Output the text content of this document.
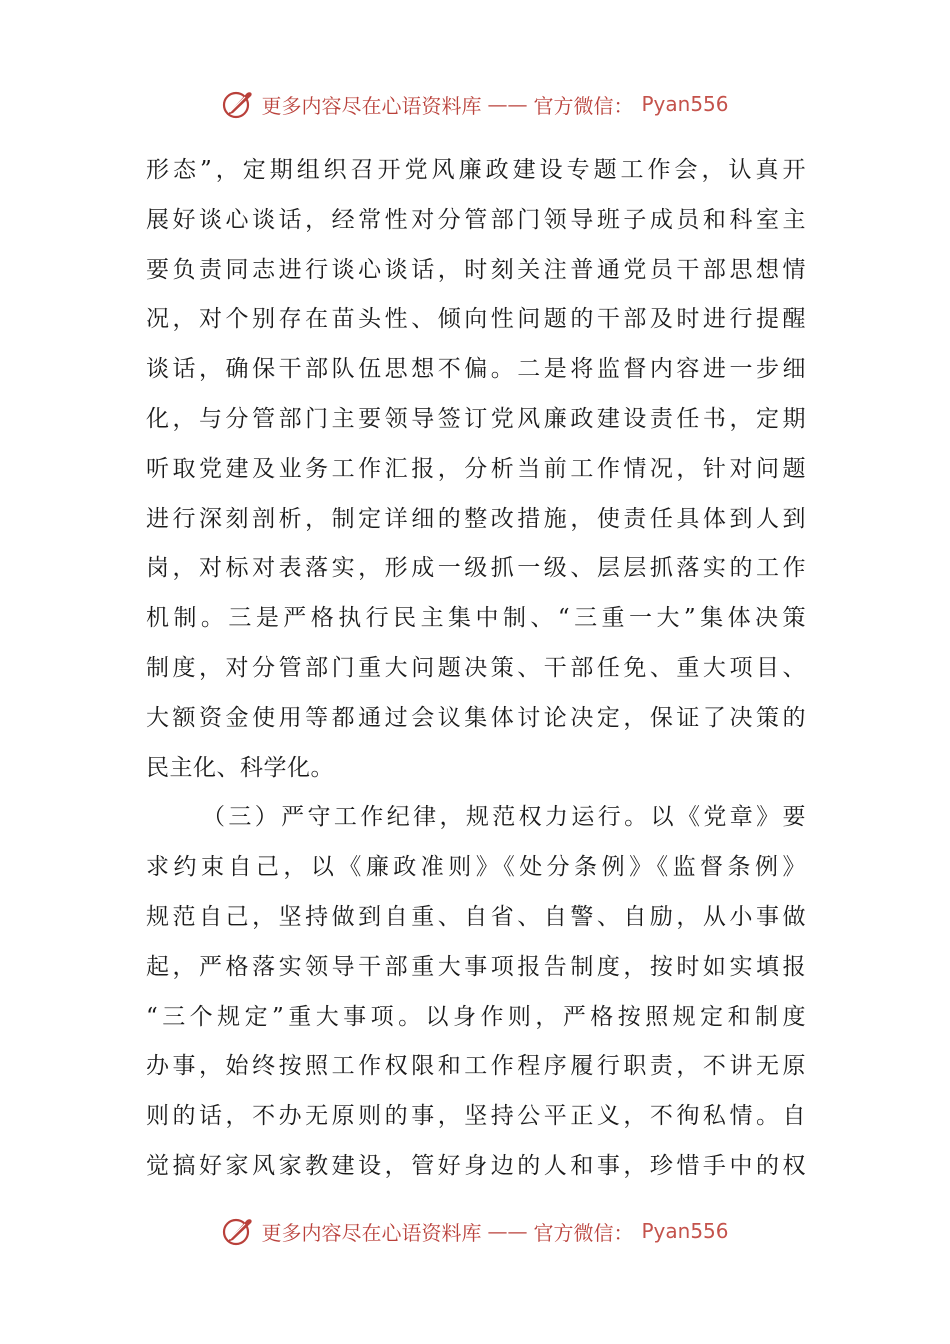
更多内容尽在心语资料库 —— 官方微信： Pyan556
形态”，定期组织召开党风廉政建设专题工作会，认真开
展好谈心谈话，经常性对分管部门领导班子成员和科室主
要负责同志进行谈心谈话，时刻关注普通党员干部思想情
况，对个别存在苗头性、倾向性问题的干部及时进行提醒
谈话，确保干部队伍思想不偏。二是将监督内容进一步细
化，与分管部门主要领导签订党风廉政建设责任书，定期
听取党建及业务工作汇报，分析当前工作情况，针对问题
进行深刻剖析，制定详细的整改措施，使责任具体到人到
岗，对标对表落实，形成一级抓一级、层层抓落实的工作
机制。三是严格执行民主集中制、“三重一大”集体决策
制度，对分管部门重大问题决策、干部任免、重大项目、
大额资金使用等都通过会议集体讨论决定，保证了决策的
民主化、科学化。
（三）严守工作纪律，规范权力运行。以《党章》要
求约束自己，以《廉政准则》《处分条例》《监督条例》
规范自己，坚持做到自重、自省、自警、自励，从小事做
起，严格落实领导干部重大事项报告制度，按时如实填报
“三个规定”重大事项。以身作则，严格按照规定和制度
办事，始终按照工作权限和工作程序履行职责，不讲无原
则的话，不办无原则的事，坚持公平正义，不徇私情。自
觉搞好家风家教建设，管好身边的人和事，珍惜手中的权
更多内容尽在心语资料库 —— 官方微信： Pyan556
